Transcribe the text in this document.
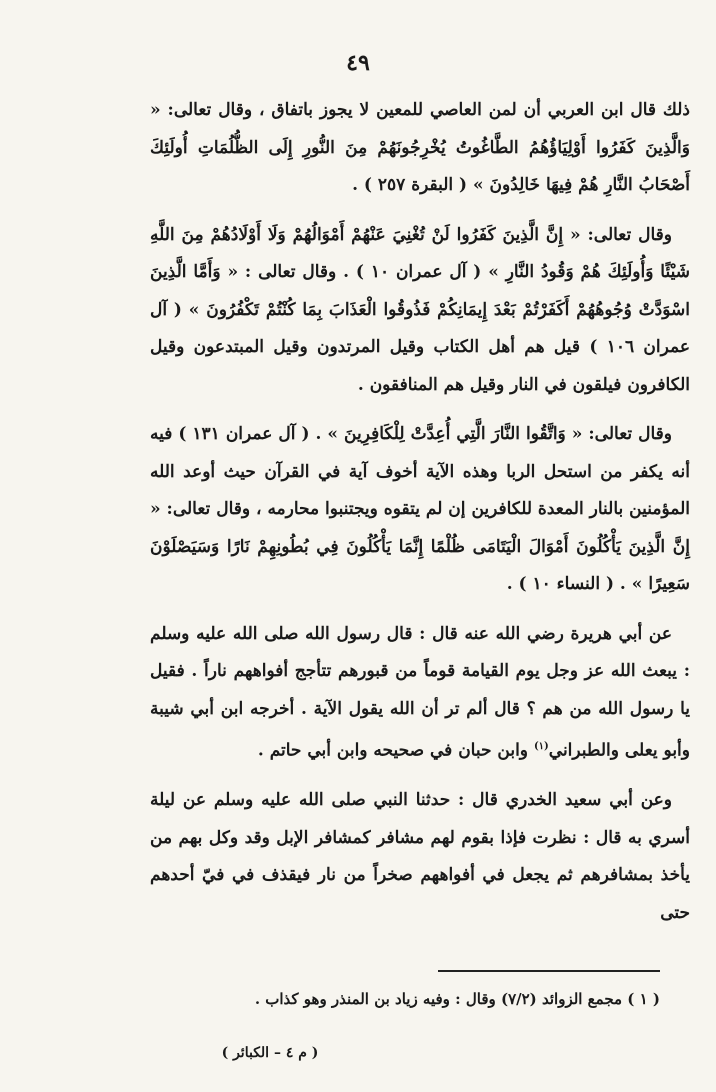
٤٩

ذلك قال ابن العربي أن لمن العاصي للمعين لا يجوز باتفاق ، وقال تعالى: « وَالَّذِينَ كَفَرُوا أَوْلِيَاؤُهُمُ الطَّاغُوتُ يُخْرِجُونَهُمْ مِنَ النُّورِ إِلَى الظُّلُمَاتِ أُولَئِكَ أَصْحَابُ النَّارِ هُمْ فِيهَا خَالِدُونَ » ( البقرة ٢٥٧ ) .

وقال تعالى: « إِنَّ الَّذِينَ كَفَرُوا لَنْ تُغْنِيَ عَنْهُمْ أَمْوَالُهُمْ وَلَا أَوْلَادُهُمْ مِنَ اللَّهِ شَيْئًا وَأُولَئِكَ هُمْ وَقُودُ النَّارِ » ( آل عمران ١٠ ) . وقال تعالى : « وَأَمَّا الَّذِينَ اسْوَدَّتْ وُجُوهُهُمْ أَكَفَرْتُمْ بَعْدَ إِيمَانِكُمْ فَذُوقُوا الْعَذَابَ بِمَا كُنْتُمْ تَكْفُرُونَ » ( آل عمران ١٠٦ ) قيل هم أهل الكتاب وقيل المرتدون وقيل المبتدعون وقيل الكافرون فيلقون في النار وقيل هم المنافقون .

وقال تعالى: « وَاتَّقُوا النَّارَ الَّتِي أُعِدَّتْ لِلْكَافِرِينَ » . ( آل عمران ١٣١ ) فيه أنه يكفر من استحل الربا وهذه الآية أخوف آية في القرآن حيث أوعد الله المؤمنين بالنار المعدة للكافرين إن لم يتقوه ويجتنبوا محارمه ، وقال تعالى: « إِنَّ الَّذِينَ يَأْكُلُونَ أَمْوَالَ الْيَتَامَى ظُلْمًا إِنَّمَا يَأْكُلُونَ فِي بُطُونِهِمْ نَارًا وَسَيَصْلَوْنَ سَعِيرًا » . ( النساء ١٠ ) .

عن أبي هريرة رضي الله عنه قال : قال رسول الله صلى الله عليه وسلم : يبعث الله عز وجل يوم القيامة قوماً من قبورهم تتأجج أفواههم ناراً . فقيل يا رسول الله من هم ؟ قال ألم تر أن الله يقول الآية . أخرجه ابن أبي شيبة وأبو يعلى والطبراني$^{(١)}$ وابن حبان في صحيحه وابن أبي حاتم .

وعن أبي سعيد الخدري قال : حدثنا النبي صلى الله عليه وسلم عن ليلة أسري به قال : نظرت فإذا بقوم لهم مشافر كمشافر الإبل وقد وكل بهم من يأخذ بمشافرهم ثم يجعل في أفواههم صخراً من نار فيقذف في فيّ أحدهم حتى

( ١ ) مجمع الزوائد (٧/٢) وقال : وفيه زياد بن المنذر وهو كذاب .
( م ٤ – الكبائر )
